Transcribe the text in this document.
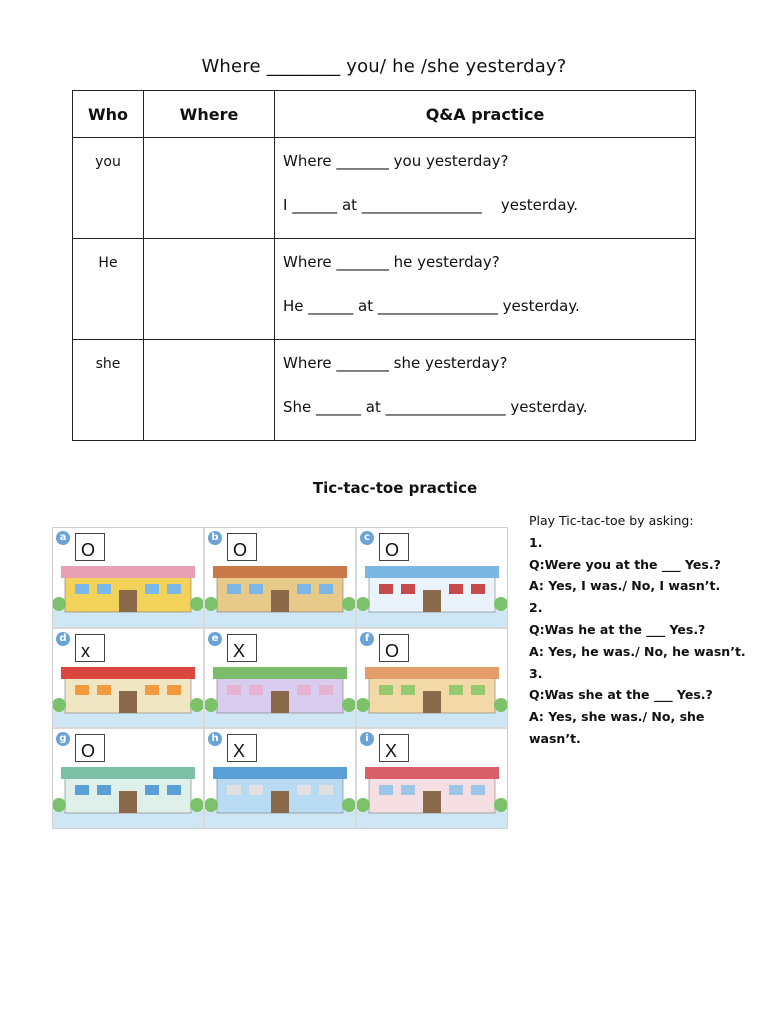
Where ________ you/ he /she yesterday?
Who	Where	Q&A practice
you		Where _______ you yesterday?
I ______ at ________________    yesterday.

He		Where _______ he yesterday?
He ______ at ________________ yesterday.

she		Where _______ she yesterday?
She ______ at ________________ yesterday.
Tic-tac-toe practice
a
O
b
O
c
O
d
x
e
X
f
O
g
O
h
X
i
X
Play Tic-tac-toe by asking:
1.
Q:Were you at the ___ Yes.?
A: Yes, I was./ No, I wasn’t.
2.
Q:Was he at the ___ Yes.?
A: Yes, he was./ No, he wasn’t.
3.
Q:Was she at the ___ Yes.?
A: Yes, she was./ No, she
wasn’t.
